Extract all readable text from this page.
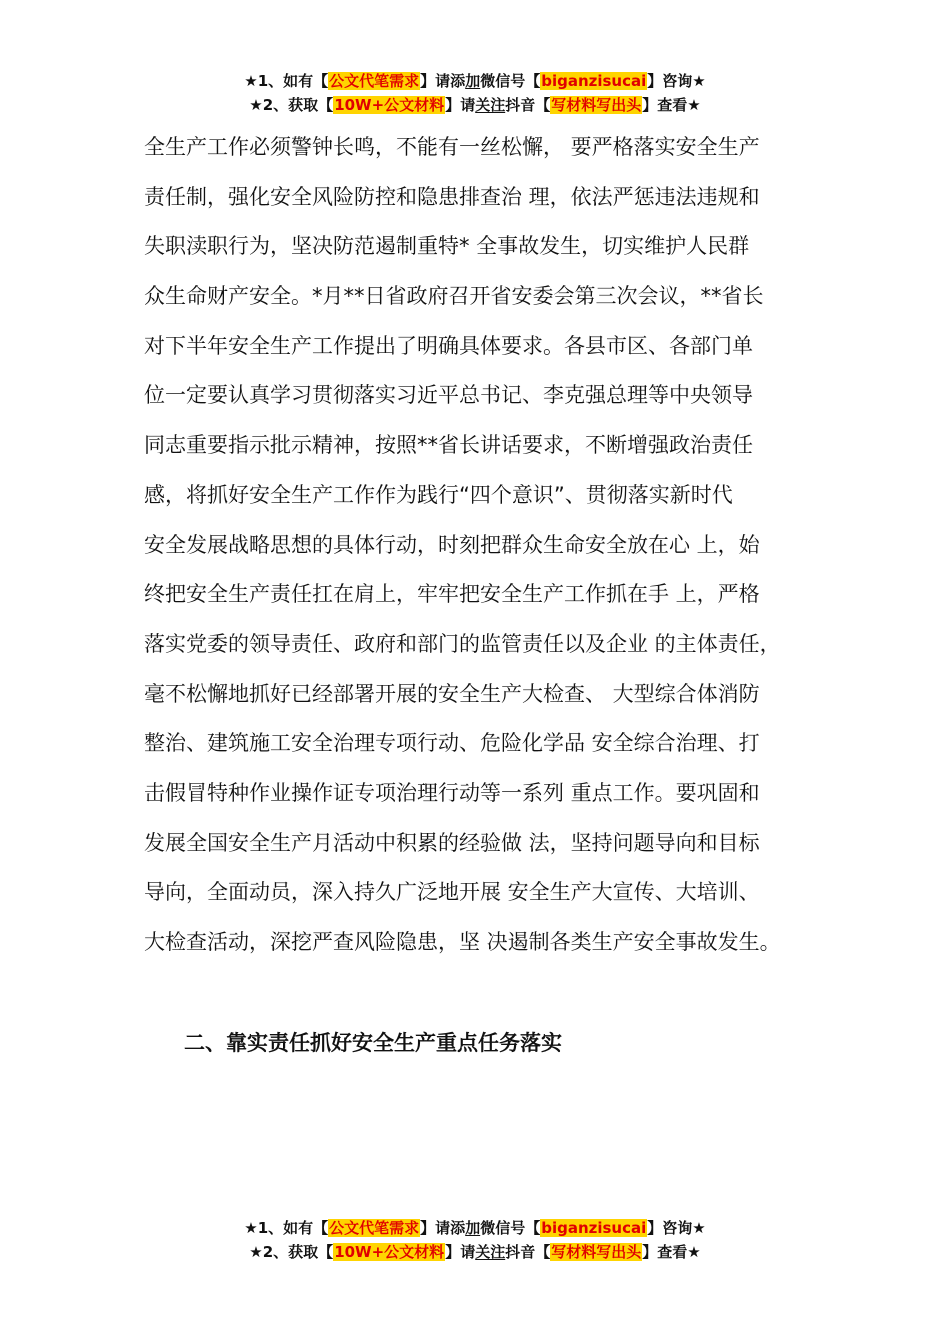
★1、如有【公文代笔需求】请添加微信号【biganzisucai】咨询★
★2、获取【10W+公文材料】请关注抖音【写材料写出头】查看★
全生产工作必须警钟长鸣，不能有一丝松懈， 要严格落实安全生产
责任制，强化安全风险防控和隐患排查治 理，依法严惩违法违规和
失职渎职行为，坚决防范遏制重特* 全事故发生，切实维护人民群
众生命财产安全。*月**日省政府召开省安委会第三次会议，**省长
对下半年安全生产工作提出了明确具体要求。各县市区、各部门单
位一定要认真学习贯彻落实习近平总书记、李克强总理等中央领导
同志重要指示批示精神，按照**省长讲话要求，不断增强政治责任
感，将抓好安全生产工作作为践行“四个意识”、贯彻落实新时代
安全发展战略思想的具体行动，时刻把群众生命安全放在心 上，始
终把安全生产责任扛在肩上，牢牢把安全生产工作抓在手 上，严格
落实党委的领导责任、政府和部门的监管责任以及企业 的主体责任，
毫不松懈地抓好已经部署开展的安全生产大检查、 大型综合体消防
整治、建筑施工安全治理专项行动、危险化学品 安全综合治理、打
击假冒特种作业操作证专项治理行动等一系列 重点工作。要巩固和
发展全国安全生产月活动中积累的经验做 法，坚持问题导向和目标
导向，全面动员，深入持久广泛地开展 安全生产大宣传、大培训、
大检查活动，深挖严查风险隐患，坚 决遏制各类生产安全事故发生。
二、靠实责任抓好安全生产重点任务落实
★1、如有【公文代笔需求】请添加微信号【biganzisucai】咨询★
★2、获取【10W+公文材料】请关注抖音【写材料写出头】查看★
